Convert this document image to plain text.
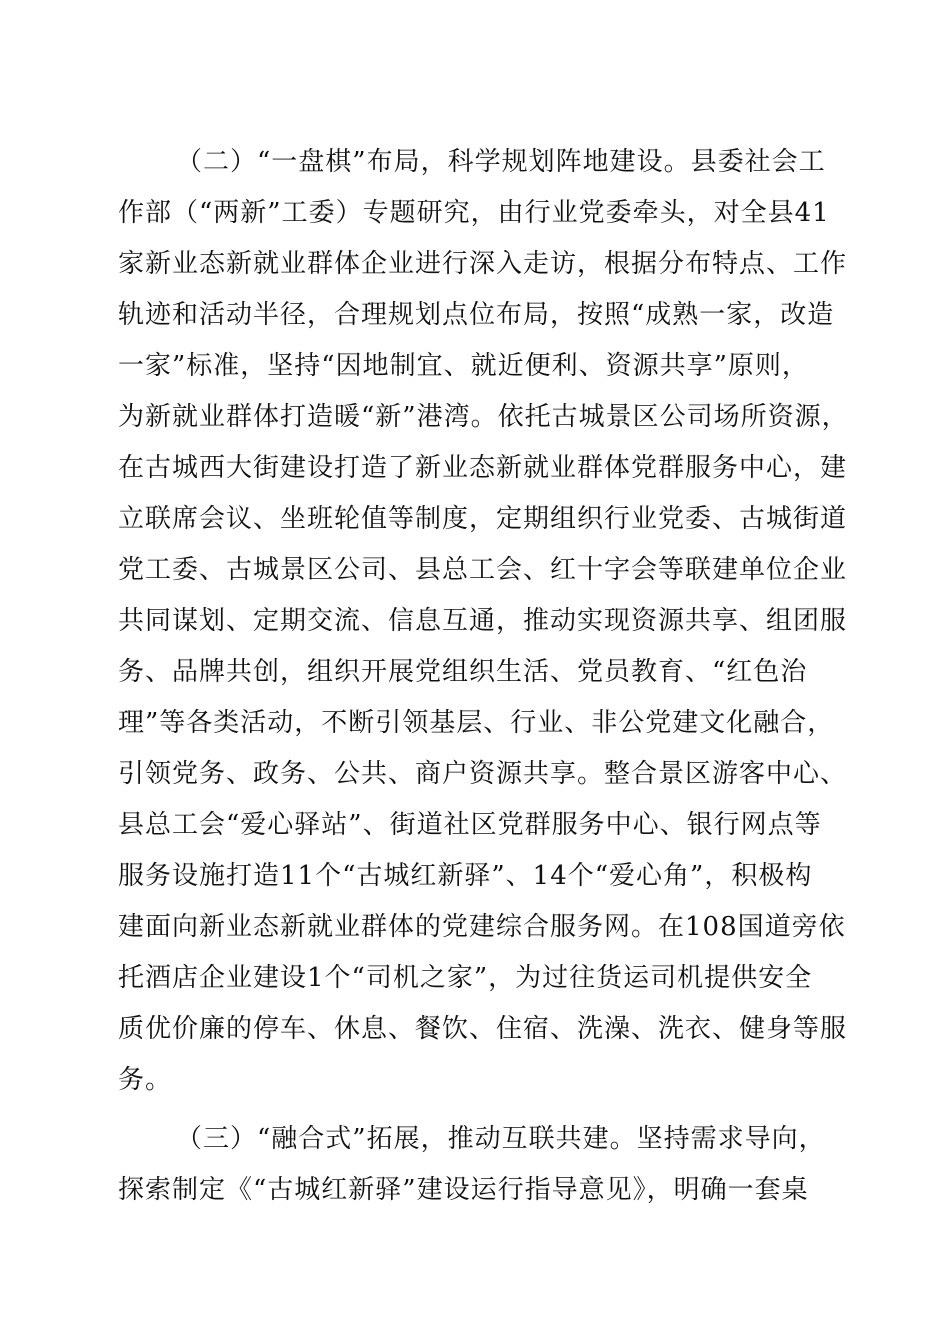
（二）“一盘棋”布局，科学规划阵地建设。县委社会工
作部（“两新”工委）专题研究，由行业党委牵头，对全县41
家新业态新就业群体企业进行深入走访，根据分布特点、工作
轨迹和活动半径，合理规划点位布局，按照“成熟一家，改造
一家”标准，坚持“因地制宜、就近便利、资源共享”原则，
为新就业群体打造暖“新”港湾。依托古城景区公司场所资源，
在古城西大街建设打造了新业态新就业群体党群服务中心，建
立联席会议、坐班轮值等制度，定期组织行业党委、古城街道
党工委、古城景区公司、县总工会、红十字会等联建单位企业
共同谋划、定期交流、信息互通，推动实现资源共享、组团服
务、品牌共创，组织开展党组织生活、党员教育、“红色治
理”等各类活动，不断引领基层、行业、非公党建文化融合，
引领党务、政务、公共、商户资源共享。整合景区游客中心、
县总工会“爱心驿站”、街道社区党群服务中心、银行网点等
服务设施打造11个“古城红新驿”、14个“爱心角”，积极构
建面向新业态新就业群体的党建综合服务网。在108国道旁依
托酒店企业建设1个“司机之家”，为过往货运司机提供安全
质优价廉的停车、休息、餐饮、住宿、洗澡、洗衣、健身等服
务。
（三）“融合式”拓展，推动互联共建。坚持需求导向，
探索制定《“古城红新驿”建设运行指导意见》，明确一套桌
